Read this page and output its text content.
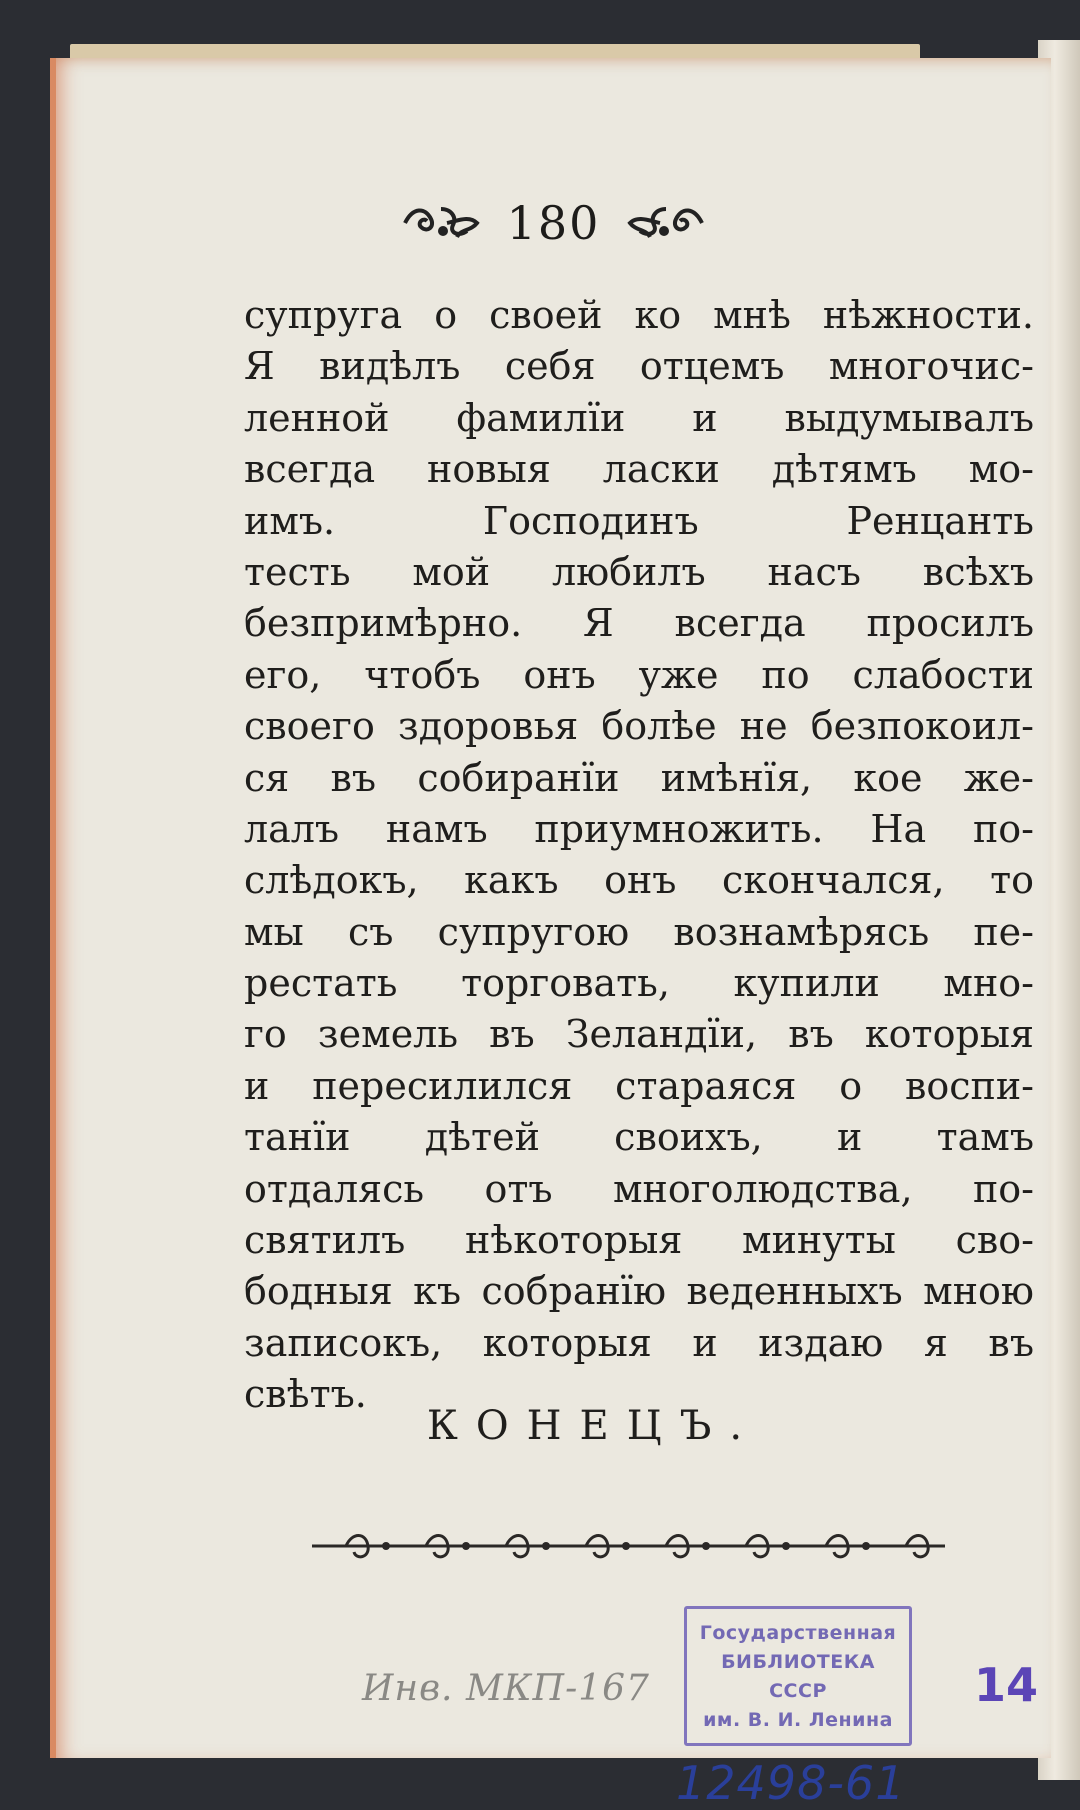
180
супруга о своей ко мнѣ нѣжности.
Я видѣлъ себя отцемъ многочис-
ленной фамилїи и выдумывалъ
всегда новыя ласки дѣтямъ мо-
имъ. Господинъ Ренцанть
тесть мой любилъ насъ всѣхъ
безпримѣрно. Я всегда просилъ
его, чтобъ онъ уже по слабости
своего здоровья болѣе не безпокоил-
ся въ собиранїи имѣнїя, кое же-
лалъ намъ приумножить. На по-
слѣдокъ, какъ онъ скончался, то
мы съ супругою вознамѣрясь пе-
рестать торговать, купили мно-
го земель въ Зеландїи, въ которыя
и пересилился стараяся о воспи-
танїи дѣтей своихъ, и тамъ
отдалясь отъ многолюдства, по-
святилъ нѣкоторыя минуты сво-
бодныя къ собранїю веденныхъ мною
записокъ, которыя и издаю я въ
свѣтъ.
КОНЕЦЪ.
Инв. МКП-167
Государственная
БИБЛИОТЕКА
СССР
им. В. И. Ленина
12498-61
14
